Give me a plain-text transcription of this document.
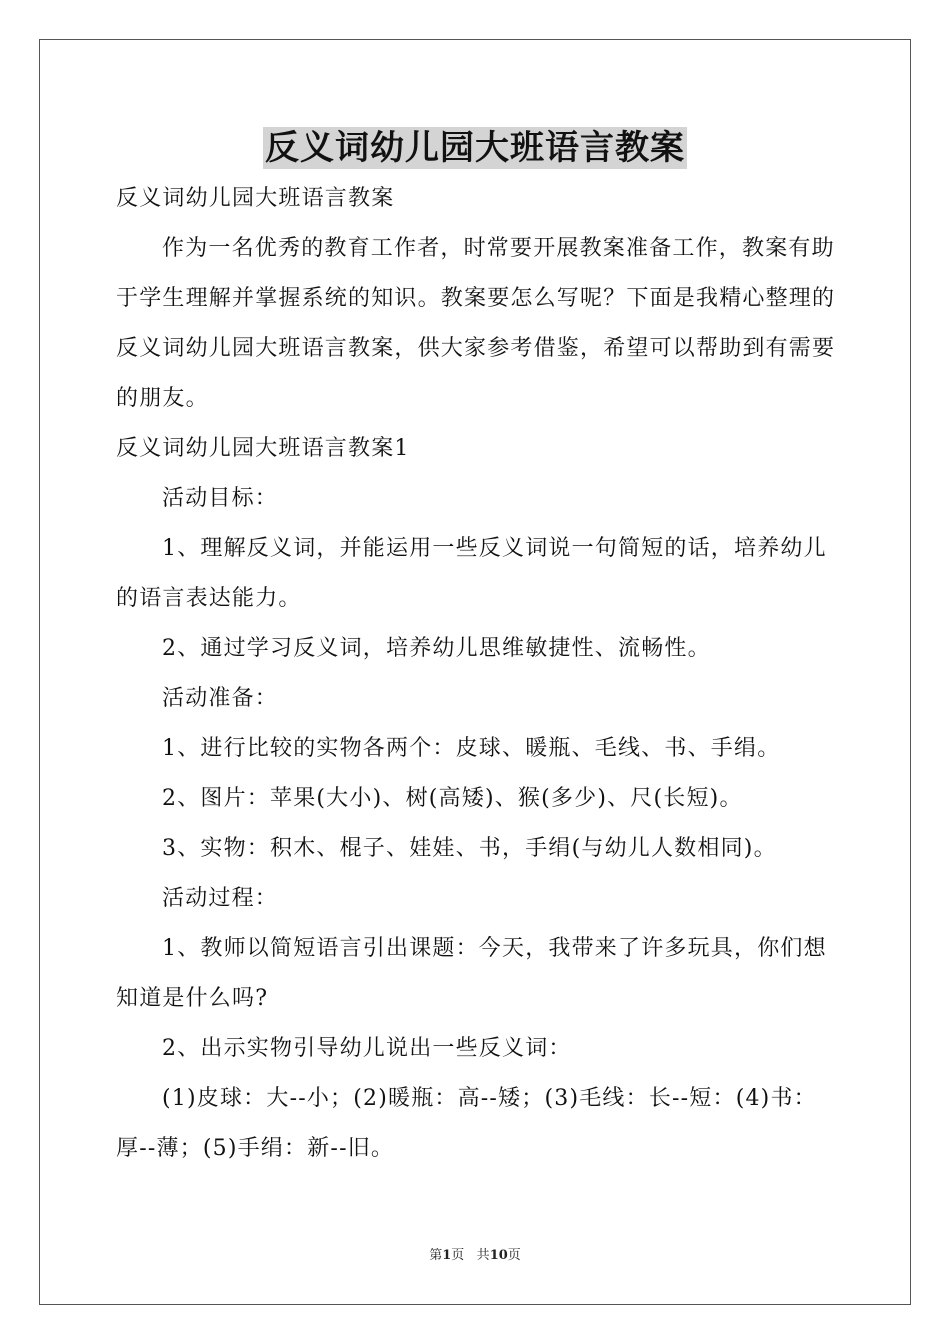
反义词幼儿园大班语言教案

反义词幼儿园大班语言教案

作为一名优秀的教育工作者，时常要开展教案准备工作，教案有助于学生理解并掌握系统的知识。教案要怎么写呢？下面是我精心整理的反义词幼儿园大班语言教案，供大家参考借鉴，希望可以帮助到有需要的朋友。

反义词幼儿园大班语言教案1

活动目标：

1、理解反义词，并能运用一些反义词说一句简短的话，培养幼儿的语言表达能力。

2、通过学习反义词，培养幼儿思维敏捷性、流畅性。

活动准备：

1、进行比较的实物各两个：皮球、暖瓶、毛线、书、手绢。

2、图片：苹果(大小)、树(高矮)、猴(多少)、尺(长短)。

3、实物：积木、棍子、娃娃、书，手绢(与幼儿人数相同)。

活动过程：

1、教师以简短语言引出课题：今天，我带来了许多玩具，你们想知道是什么吗?

2、出示实物引导幼儿说出一些反义词：

(1)皮球：大--小；(2)暖瓶：高--矮；(3)毛线：长--短：(4)书：厚--薄；(5)手绢：新--旧。

第1页 共10页
